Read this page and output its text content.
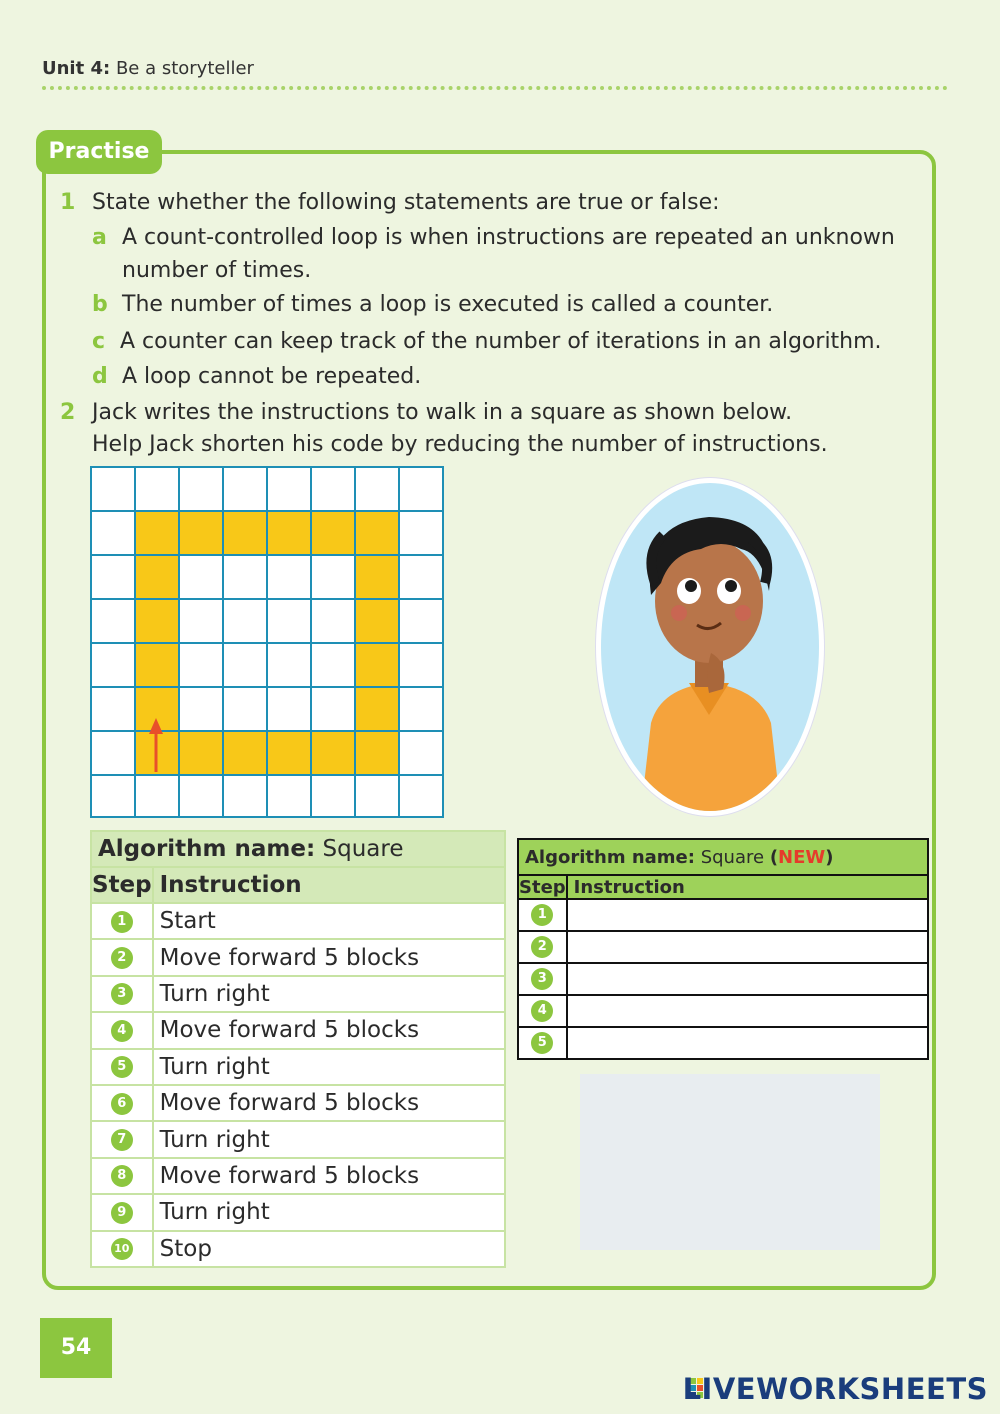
Unit 4: Be a storyteller
Practise
1 State whether the following statements are true or false:
a A count-controlled loop is when instructions are repeated an unknown
number of times.
b The number of times a loop is executed is called a counter.
c A counter can keep track of the number of iterations in an algorithm.
d A loop cannot be repeated.
2 Jack writes the instructions to walk in a square as shown below.
Help Jack shorten his code by reducing the number of instructions.
Algorithm name: Square	
Step	Instruction
1	Start
2	Move forward 5 blocks
3	Turn right
4	Move forward 5 blocks
5	Turn right
6	Move forward 5 blocks
7	Turn right
8	Move forward 5 blocks
9	Turn right
10	Stop
Algorithm name: Square (NEW)	
Step	Instruction
1	
2	
3	
4	
5	
54
LIVEWORKSHEETS
